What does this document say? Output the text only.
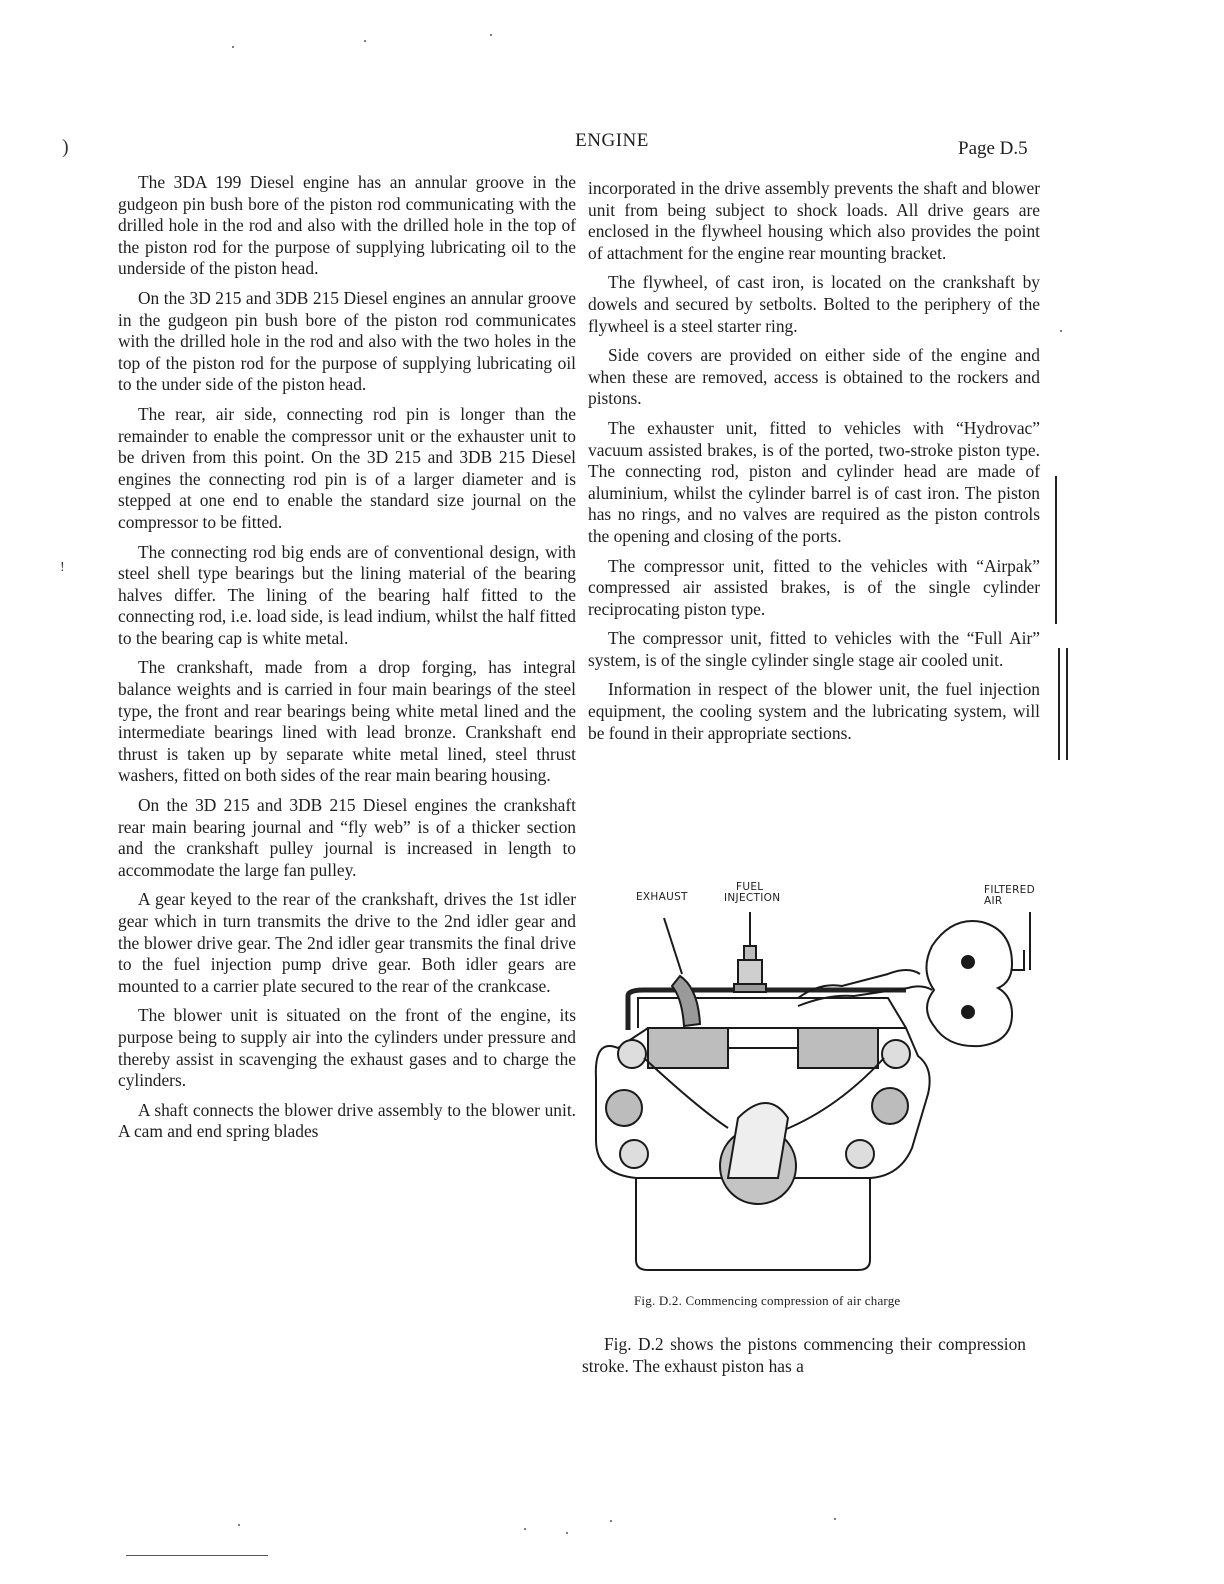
ENGINE	Page D.5
)
!

The 3DA 199 Diesel engine has an annular groove in the gudgeon pin bush bore of the piston rod communicating with the drilled hole in the rod and also with the drilled hole in the top of the piston rod for the purpose of supplying lubricating oil to the underside of the piston head.

On the 3D 215 and 3DB 215 Diesel engines an annular groove in the gudgeon pin bush bore of the piston rod communicates with the drilled hole in the rod and also with the two holes in the top of the piston rod for the purpose of supplying lubricating oil to the under side of the piston head.

The rear, air side, connecting rod pin is longer than the remainder to enable the compressor unit or the exhauster unit to be driven from this point. On the 3D 215 and 3DB 215 Diesel engines the connecting rod pin is of a larger diameter and is stepped at one end to enable the standard size journal on the compressor to be fitted.

The connecting rod big ends are of conventional design, with steel shell type bearings but the lining material of the bearing halves differ. The lining of the bearing half fitted to the connecting rod, i.e. load side, is lead indium, whilst the half fitted to the bearing cap is white metal.

The crankshaft, made from a drop forging, has integral balance weights and is carried in four main bearings of the steel type, the front and rear bearings being white metal lined and the intermediate bearings lined with lead bronze. Crankshaft end thrust is taken up by separate white metal lined, steel thrust washers, fitted on both sides of the rear main bearing housing.

On the 3D 215 and 3DB 215 Diesel engines the crankshaft rear main bearing journal and “fly web” is of a thicker section and the crankshaft pulley journal is increased in length to accommodate the large fan pulley.

A gear keyed to the rear of the crankshaft, drives the 1st idler gear which in turn transmits the drive to the 2nd idler gear and the blower drive gear. The 2nd idler gear transmits the final drive to the fuel injection pump drive gear. Both idler gears are mounted to a carrier plate secured to the rear of the crankcase.

The blower unit is situated on the front of the engine, its purpose being to supply air into the cylinders under pressure and thereby assist in scavenging the exhaust gases and to charge the cylinders.

A shaft connects the blower drive assembly to the blower unit. A cam and end spring blades

incorporated in the drive assembly prevents the shaft and blower unit from being subject to shock loads. All drive gears are enclosed in the flywheel housing which also provides the point of attachment for the engine rear mounting bracket.

The flywheel, of cast iron, is located on the crankshaft by dowels and secured by setbolts. Bolted to the periphery of the flywheel is a steel starter ring.

Side covers are provided on either side of the engine and when these are removed, access is obtained to the rockers and pistons.

The exhauster unit, fitted to vehicles with “Hydrovac” vacuum assisted brakes, is of the ported, two-stroke piston type. The connecting rod, piston and cylinder head are made of aluminium, whilst the cylinder barrel is of cast iron. The piston has no rings, and no valves are required as the piston controls the opening and closing of the ports.

The compressor unit, fitted to the vehicles with “Airpak” compressed air assisted brakes, is of the single cylinder reciprocating piston type.

The compressor unit, fitted to vehicles with the “Full Air” system, is of the single cylinder single stage air cooled unit.

Information in respect of the blower unit, the fuel injection equipment, the cooling system and the lubricating system, will be found in their appropriate sections.

EXHAUST
FUEL
INJECTION
FILTERED
AIR
Fig. D.2. Commencing compression of air charge

Fig. D.2 shows the pistons commencing their compression stroke. The exhaust piston has a
